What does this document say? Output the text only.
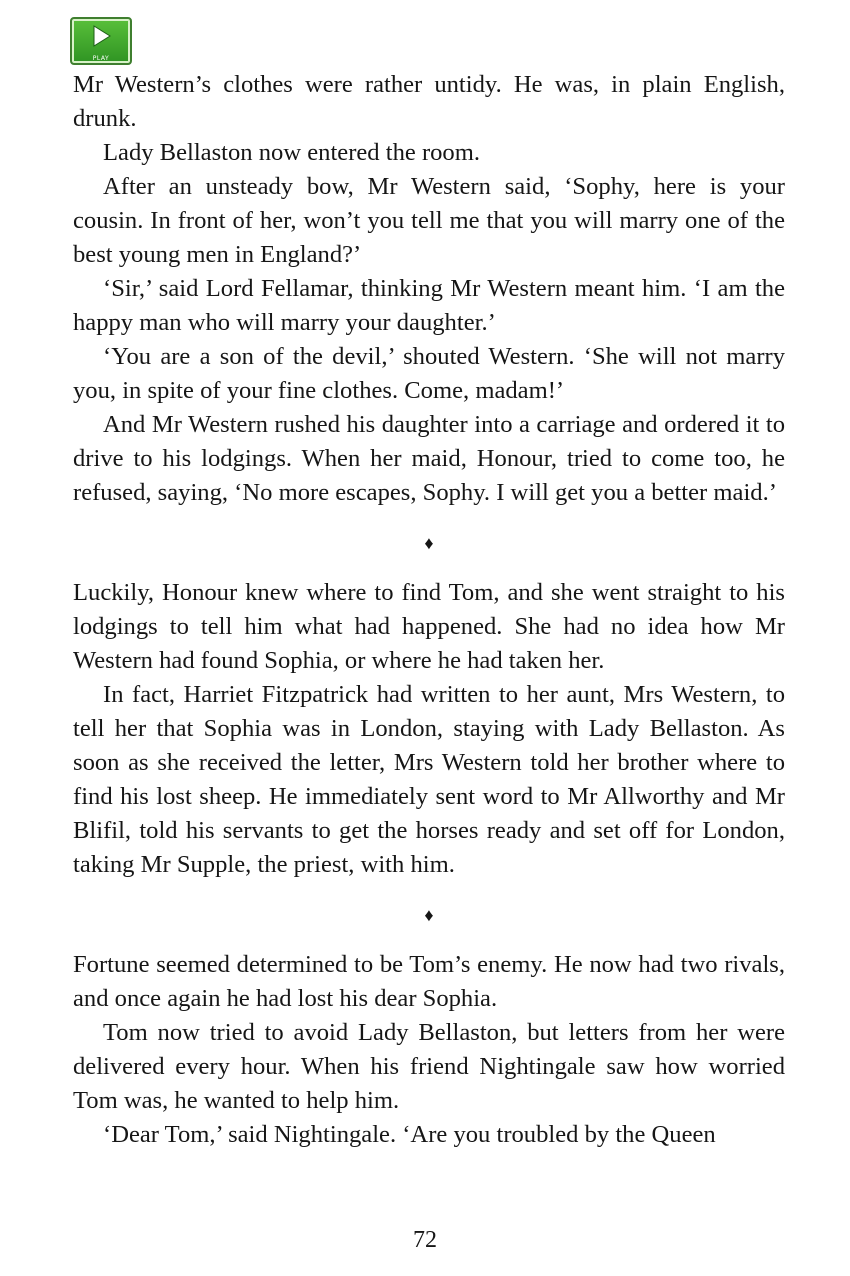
PLAY

Mr Western’s clothes were rather untidy. He was, in plain English, drunk.

Lady Bellaston now entered the room.

After an unsteady bow, Mr Western said, ‘Sophy, here is your cousin. In front of her, won’t you tell me that you will marry one of the best young men in England?’

‘Sir,’ said Lord Fellamar, thinking Mr Western meant him. ‘I am the happy man who will marry your daughter.’

‘You are a son of the devil,’ shouted Western. ‘She will not marry you, in spite of your fine clothes. Come, madam!’

And Mr Western rushed his daughter into a carriage and ordered it to drive to his lodgings. When her maid, Honour, tried to come too, he refused, saying, ‘No more escapes, Sophy. I will get you a better maid.’

♦

Luckily, Honour knew where to find Tom, and she went straight to his lodgings to tell him what had happened. She had no idea how Mr Western had found Sophia, or where he had taken her.

In fact, Harriet Fitzpatrick had written to her aunt, Mrs Western, to tell her that Sophia was in London, staying with Lady Bellaston. As soon as she received the letter, Mrs Western told her brother where to find his lost sheep. He immediately sent word to Mr Allworthy and Mr Blifil, told his servants to get the horses ready and set off for London, taking Mr Supple, the priest, with him.

♦

Fortune seemed determined to be Tom’s enemy. He now had two rivals, and once again he had lost his dear Sophia.

Tom now tried to avoid Lady Bellaston, but letters from her were delivered every hour. When his friend Nightingale saw how worried Tom was, he wanted to help him.

‘Dear Tom,’ said Nightingale. ‘Are you troubled by the Queen

72
